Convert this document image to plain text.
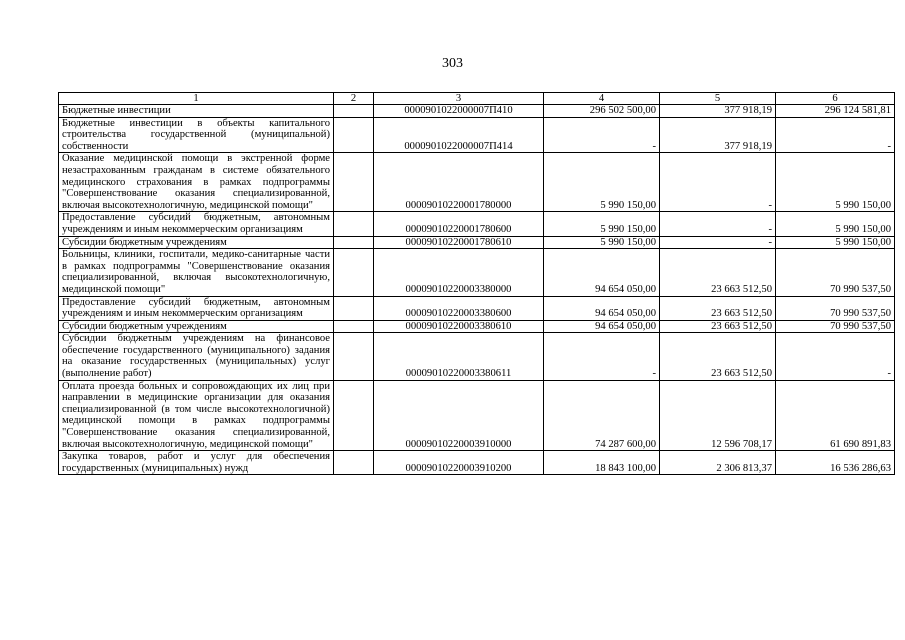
303
1	2	3	4	5	6
Бюджетные инвестиции		0000901022000007П410	296 502 500,00	377 918,19	296 124 581,81
Бюджетные инвестиции в объекты капитального строительства государственной (муниципальной) собственности		0000901022000007П414	-	377 918,19	-
Оказание медицинской помощи в экстренной форме незастрахованным гражданам в системе обязательного медицинского страхования в рамках подпрограммы "Совершенствование оказания специализированной, включая высокотехнологичную, медицинской помощи"		00009010220001780000	5 990 150,00	-	5 990 150,00
Предоставление субсидий бюджетным, автономным учреждениям и иным некоммерческим организациям		00009010220001780600	5 990 150,00	-	5 990 150,00
Субсидии бюджетным учреждениям		00009010220001780610	5 990 150,00	-	5 990 150,00
Больницы, клиники, госпитали, медико-санитарные части в рамках подпрограммы "Совершенствование оказания специализированной, включая высокотехнологичную, медицинской помощи"		00009010220003380000	94 654 050,00	23 663 512,50	70 990 537,50
Предоставление субсидий бюджетным, автономным учреждениям и иным некоммерческим организациям		00009010220003380600	94 654 050,00	23 663 512,50	70 990 537,50
Субсидии бюджетным учреждениям		00009010220003380610	94 654 050,00	23 663 512,50	70 990 537,50
Субсидии бюджетным учреждениям на финансовое обеспечение государственного (муниципального) задания на оказание государственных (муниципальных) услуг (выполнение работ)		00009010220003380611	-	23 663 512,50	-
Оплата проезда больных и сопровождающих их лиц при направлении в медицинские организации для оказания специализированной (в том числе высокотехнологичной) медицинской помощи в рамках подпрограммы "Совершенствование оказания специализированной, включая высокотехнологичную, медицинской помощи"		00009010220003910000	74 287 600,00	12 596 708,17	61 690 891,83
Закупка товаров, работ и услуг для обеспечения государственных (муниципальных) нужд		00009010220003910200	18 843 100,00	2 306 813,37	16 536 286,63
